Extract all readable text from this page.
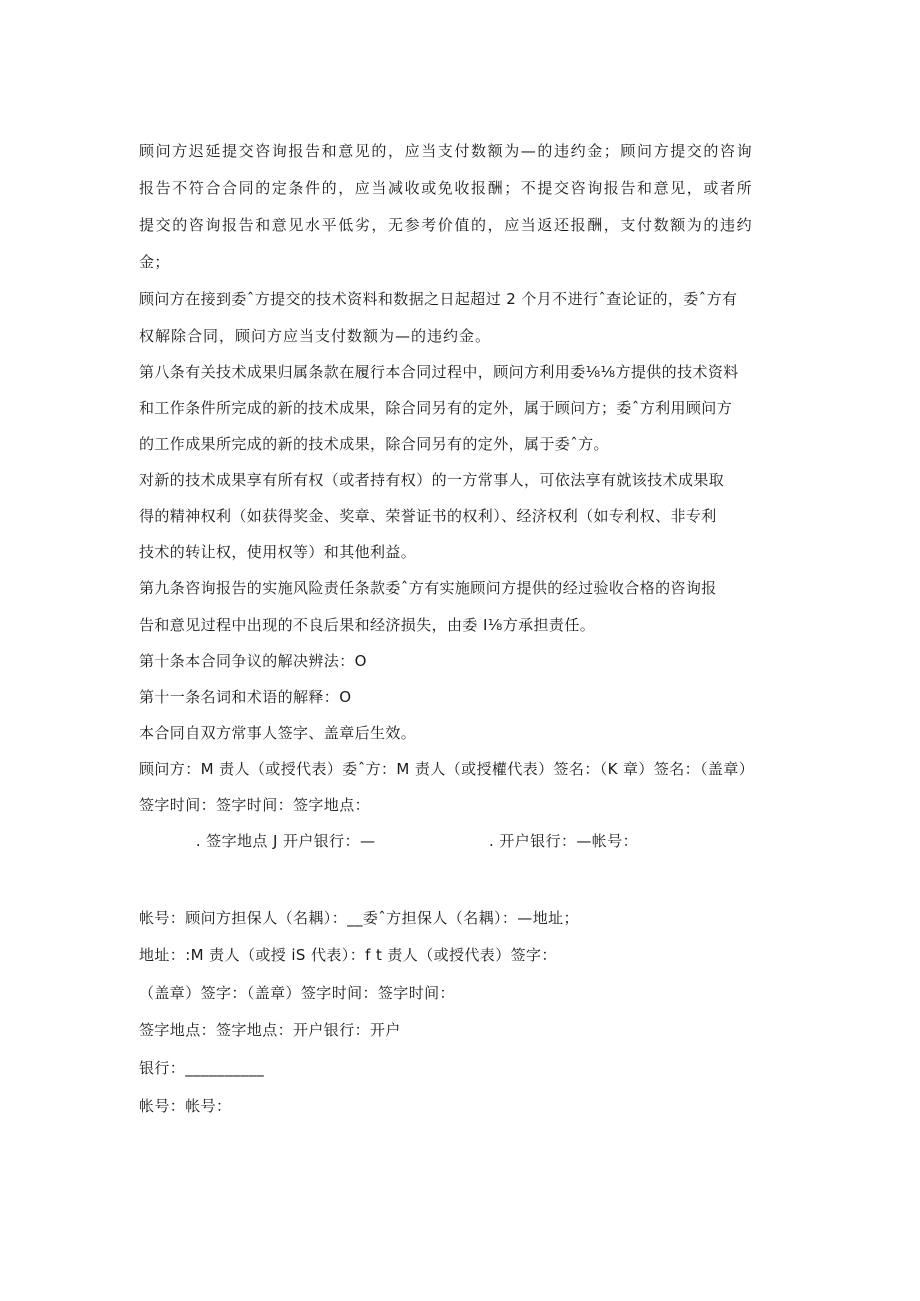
顾问方迟延提交咨询报告和意见的，应当支付数额为—的违约金；顾问方提交的咨询
报告不符合合同的定条件的，应当减收或免收报酬；不提交咨询报告和意见，或者所
提交的咨询报告和意见水平低劣，无参考价值的，应当返还报酬，支付数额为的违约
金；
顾问方在接到委ˆ方提交的技术资料和数据之日起超过 2 个月不进行ˆ查论证的，委ˆ方有
权解除合同，顾问方应当支付数额为—的违约金。
第八条有关技术成果归属条款在履行本合同过程中，顾问方利用委⅛⅛方提供的技术资料
和工作条件所完成的新的技术成果，除合同另有的定外，属于顾问方；委ˆ方利用顾问方
的工作成果所完成的新的技术成果，除合同另有的定外，属于委ˆ方。
对新的技术成果享有所有权（或者持有权）的一方常事人，可依法享有就该技术成果取
得的精神权利（如获得奖金、奖章、荣誉证书的权利）、经济权利（如专利权、非专利
技术的转让权，使用权等）和其他利益。
第九条咨询报告的实施风险责任条款委ˆ方有实施顾问方提供的经过验收合格的咨询报
告和意见过程中出现的不良后果和经济损失，由委 I⅛方承担责任。
第十条本合同争议的解决辨法：O
第十一条名词和术语的解释：O
本合同自双方常事人签字、盖章后生效。
顾问方：M 责人（或授代表）委ˆ方：M 责人（或授權代表）签名：（K 章）签名：（盖章）
签字时间：签字时间：签字地点：
. 签字地点 J 开户银行：—                      . 开户银行：—帐号：
帐号：顾问方担保人（名耦）：__委ˆ方担保人（名耦）：—地址；
地址：:M 责人（或授 iS 代表）：f t 责人（或授代表）签字：
（盖章）签字：（盖章）签字时间：签字时间：
签字地点：签字地点：开户银行：开户
银行：__________
帐号：帐号：
